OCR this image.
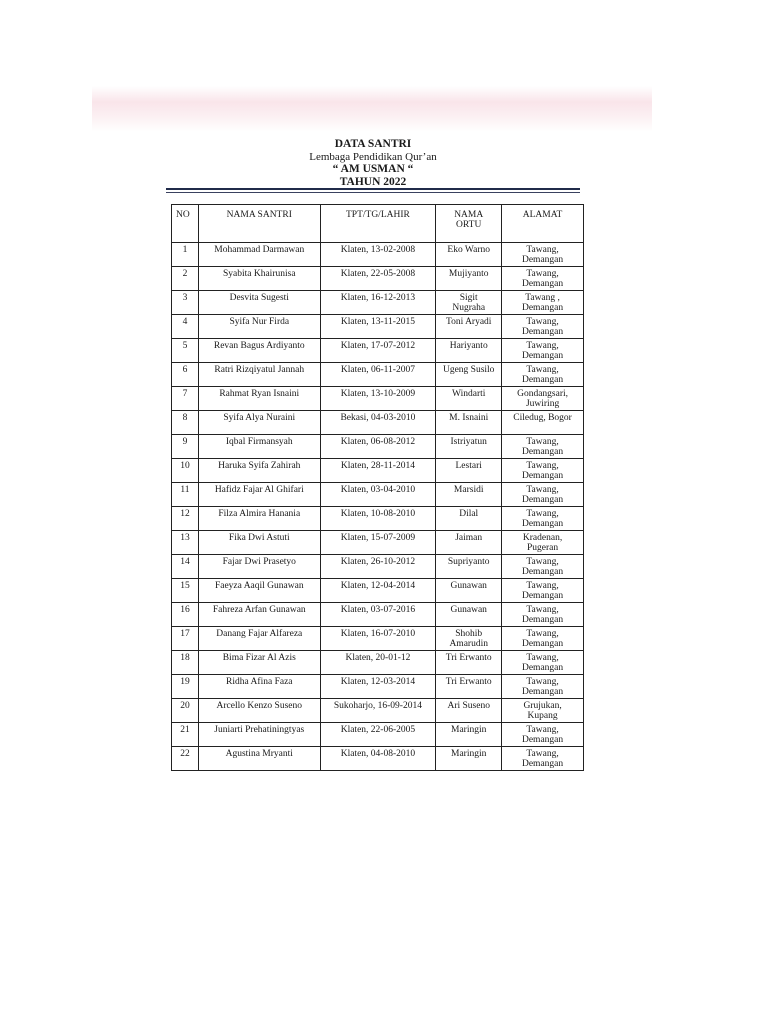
DATA SANTRI
Lembaga Pendidikan Qur’an
“ AM USMAN “
TAHUN 2022
NO	NAMA SANTRI	TPT/TG/LAHIR	NAMA
ORTU	ALAMAT
1	Mohammad Darmawan	Klaten, 13-02-2008	Eko Warno	Tawang,
Demangan
2	Syabita Khairunisa	Klaten, 22-05-2008	Mujiyanto	Tawang,
Demangan
3	Desvita Sugesti	Klaten, 16-12-2013	Sigit
Nugraha	Tawang ,
Demangan
4	Syifa Nur Firda	Klaten, 13-11-2015	Toni Aryadi	Tawang,
Demangan
5	Revan Bagus Ardiyanto	Klaten, 17-07-2012	Hariyanto	Tawang,
Demangan
6	Ratri Rizqiyatul Jannah	Klaten, 06-11-2007	Ugeng Susilo	Tawang,
Demangan
7	Rahmat Ryan Isnaini	Klaten, 13-10-2009	Windarti	Gondangsari,
Juwiring
8	Syifa Alya Nuraini	Bekasi, 04-03-2010	M. Isnaini	Ciledug, Bogor
9	Iqbal Firmansyah	Klaten, 06-08-2012	Istriyatun	Tawang,
Demangan
10	Haruka Syifa Zahirah	Klaten, 28-11-2014	Lestari	Tawang,
Demangan
11	Hafidz Fajar Al Ghifari	Klaten, 03-04-2010	Marsidi	Tawang,
Demangan
12	Filza Almira Hanania	Klaten, 10-08-2010	Dilal	Tawang,
Demangan
13	Fika Dwi Astuti	Klaten, 15-07-2009	Jaiman	Kradenan,
Pugeran
14	Fajar Dwi Prasetyo	Klaten, 26-10-2012	Supriyanto	Tawang,
Demangan
15	Faeyza Aaqil Gunawan	Klaten, 12-04-2014	Gunawan	Tawang,
Demangan
16	Fahreza Arfan Gunawan	Klaten, 03-07-2016	Gunawan	Tawang,
Demangan
17	Danang Fajar Alfareza	Klaten, 16-07-2010	Shohib
Amarudin	Tawang,
Demangan
18	Bima Fizar Al Azis	Klaten, 20-01-12	Tri Erwanto	Tawang,
Demangan
19	Ridha Afina Faza	Klaten, 12-03-2014	Tri Erwanto	Tawang,
Demangan
20	Arcello Kenzo Suseno	Sukoharjo, 16-09-2014	Ari Suseno	Grujukan,
Kupang
21	Juniarti Prehatiningtyas	Klaten, 22-06-2005	Maringin	Tawang,
Demangan
22	Agustina Mryanti	Klaten, 04-08-2010	Maringin	Tawang,
Demangan
